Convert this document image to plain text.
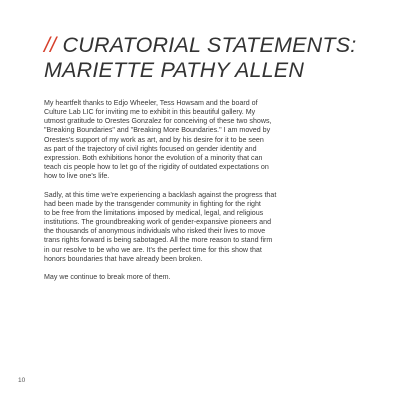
// CURATORIAL STATEMENTS:
MARIETTE PATHY ALLEN

My heartfelt thanks to Edjo Wheeler, Tess Howsam and the board of
Culture Lab LIC for inviting me to exhibit in this beautiful gallery. My
utmost gratitude to Orestes Gonzalez for conceiving of these two shows,
"Breaking Boundaries" and "Breaking More Boundaries." I am moved by
Orestes's support of my work as art, and by his desire for it to be seen
as part of the trajectory of civil rights focused on gender identity and
expression. Both exhibitions honor the evolution of a minority that can
teach cis people how to let go of the rigidity of outdated expectations on
how to live one's life.

Sadly, at this time we're experiencing a backlash against the progress that
had been made by the transgender community in fighting for the right
to be free from the limitations imposed by medical, legal, and religious
institutions. The groundbreaking work of gender-expansive pioneers and
the thousands of anonymous individuals who risked their lives to move
trans rights forward is being sabotaged. All the more reason to stand firm
in our resolve to be who we are. It's the perfect time for this show that
honors boundaries that have already been broken.

May we continue to break more of them.

10
